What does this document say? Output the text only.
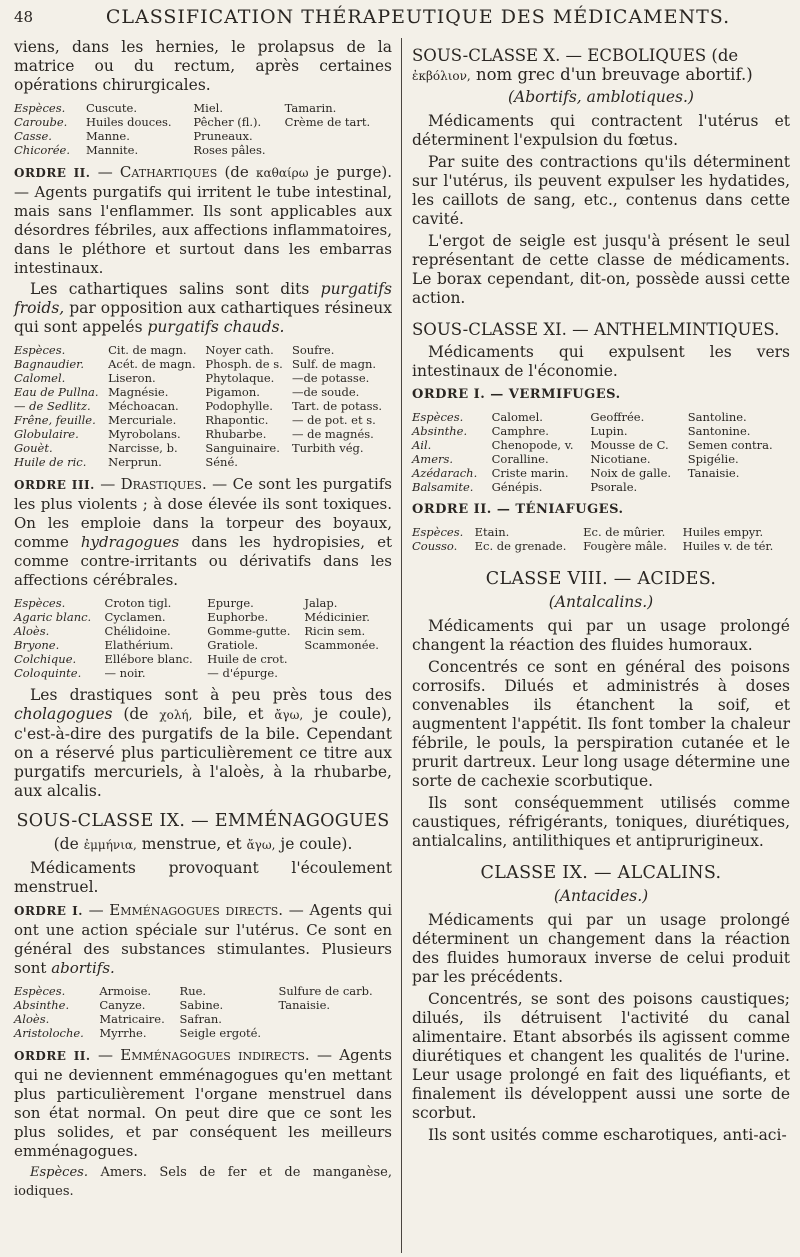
48	CLASSIFICATION THÉRAPEUTIQUE DES MÉDICAMENTS.

viens, dans les hernies, le prolapsus de la matrice ou du rectum, après certaines opérations chirurgicales.

Espèces.	Cuscute.	Miel.	Tamarin.
Caroube.	Huiles douces.	Pêcher (fl.).	Crème de tart.
Casse.	Manne.	Pruneaux.	
Chicorée.	Mannite.	Roses pâles.	
ORDRE II. — Cathartiques (de καθαίρω je purge). — Agents purgatifs qui irritent le tube intestinal, mais sans l'enflammer. Ils sont applicables aux désordres fébriles, aux affections inflammatoires, dans le pléthore et surtout dans les embarras intestinaux.

Les cathartiques salins sont dits purgatifs froids, par opposition aux cathartiques résineux qui sont appelés purgatifs chauds.

Espèces.	Cit. de magn.	Noyer cath.	Soufre.
Bagnaudier.	Acét. de magn.	Phosph. de s.	Sulf. de magn.
Calomel.	Liseron.	Phytolaque.	—de potasse.
Eau de Pullna.	Magnésie.	Pigamon.	—de soude.
— de Sedlitz.	Méchoacan.	Podophylle.	Tart. de potass.
Frêne, feuille.	Mercuriale.	Rhapontic.	— de pot. et s.
Globulaire.	Myrobolans.	Rhubarbe.	— de magnés.
Gouèt.	Narcisse, b.	Sanguinaire.	Turbith vég.
Huile de ric.	Nerprun.	Séné.	
ORDRE III. — Drastiques. — Ce sont les purgatifs les plus violents ; à dose élevée ils sont toxiques. On les emploie dans la torpeur des boyaux, comme hydragogues dans les hydropisies, et comme contre-irritants ou dérivatifs dans les affections cérébrales.
Espèces.	Croton tigl.	Epurge.	Jalap.
Agaric blanc.	Cyclamen.	Euphorbe.	Médicinier.
Aloès.	Chélidoine.	Gomme-gutte.	Ricin sem.
Bryone.	Elathérium.	Gratiole.	Scammonée.
Colchique.	Ellébore blanc.	Huile de crot.	
Coloquinte.	— noir.	— d'épurge.	

Les drastiques sont à peu près tous des cholagogues (de χολή, bile, et ἄγω, je coule), c'est-à-dire des purgatifs de la bile. Cependant on a réservé plus particulièrement ce titre aux purgatifs mercuriels, à l'aloès, à la rhubarbe, aux alcalis.

SOUS-CLASSE IX. — EMMÉNAGOGUES
(de ἐμμήνια, menstrue, et ἄγω, je coule).

Médicaments provoquant l'écoulement menstruel.

ORDRE I. — Emménagogues directs. — Agents qui ont une action spéciale sur l'utérus. Ce sont en général des substances stimulantes. Plusieurs sont abortifs.
Espèces.	Armoise.	Rue.	Sulfure de carb.
Absinthe.	Canyze.	Sabine.	Tanaisie.
Aloès.	Matricaire.	Safran.	
Aristoloche.	Myrrhe.	Seigle ergoté.	
ORDRE II. — Emménagogues indirects. — Agents qui ne deviennent emménagogues qu'en mettant plus particulièrement l'organe menstruel dans son état normal. On peut dire que ce sont les plus solides, et par conséquent les meilleurs emménagogues.

Espèces. Amers. Sels de fer et de manganèse, iodiques.

SOUS-CLASSE X. — ECBOLIQUES (de ἐκβόλιον, nom grec d'un breuvage abortif.)
(Abortifs, amblotiques.)

Médicaments qui contractent l'utérus et déterminent l'expulsion du fœtus.

Par suite des contractions qu'ils déterminent sur l'utérus, ils peuvent expulser les hydatides, les caillots de sang, etc., contenus dans cette cavité.

L'ergot de seigle est jusqu'à présent le seul représentant de cette classe de médicaments. Le borax cependant, dit-on, possède aussi cette action.

SOUS-CLASSE XI. — ANTHELMINTIQUES.

Médicaments qui expulsent les vers intestinaux de l'économie.

ORDRE I. — VERMIFUGES.
Espèces.	Calomel.	Geoffrée.	Santoline.
Absinthe.	Camphre.	Lupin.	Santonine.
Ail.	Chenopode, v.	Mousse de C.	Semen contra.
Amers.	Coralline.	Nicotiane.	Spigélie.
Azédarach.	Criste marin.	Noix de galle.	Tanaisie.
Balsamite.	Génépis.	Psorale.	
ORDRE II. — TÉNIAFUGES.
Espèces.	Etain.	Ec. de mûrier.	Huiles empyr.
Cousso.	Ec. de grenade.	Fougère mâle.	Huiles v. de tér.
CLASSE VIII. — ACIDES.
(Antalcalins.)

Médicaments qui par un usage prolongé changent la réaction des fluides humoraux.

Concentrés ce sont en général des poisons corrosifs. Dilués et administrés à doses convenables ils étanchent la soif, et augmentent l'appétit. Ils font tomber la chaleur fébrile, le pouls, la perspiration cutanée et le prurit dartreux. Leur long usage détermine une sorte de cachexie scorbutique.

Ils sont conséquemment utilisés comme caustiques, réfrigérants, toniques, diurétiques, antialcalins, antilithiques et antiprurigineux.

CLASSE IX. — ALCALINS.
(Antacides.)

Médicaments qui par un usage prolongé déterminent un changement dans la réaction des fluides humoraux inverse de celui produit par les précédents.

Concentrés, se sont des poisons caustiques; dilués, ils détruisent l'activité du canal alimentaire. Etant absorbés ils agissent comme diurétiques et changent les qualités de l'urine. Leur usage prolongé en fait des liquéfiants, et finalement ils développent aussi une sorte de scorbut.

Ils sont usités comme escharotiques, anti-aci-
